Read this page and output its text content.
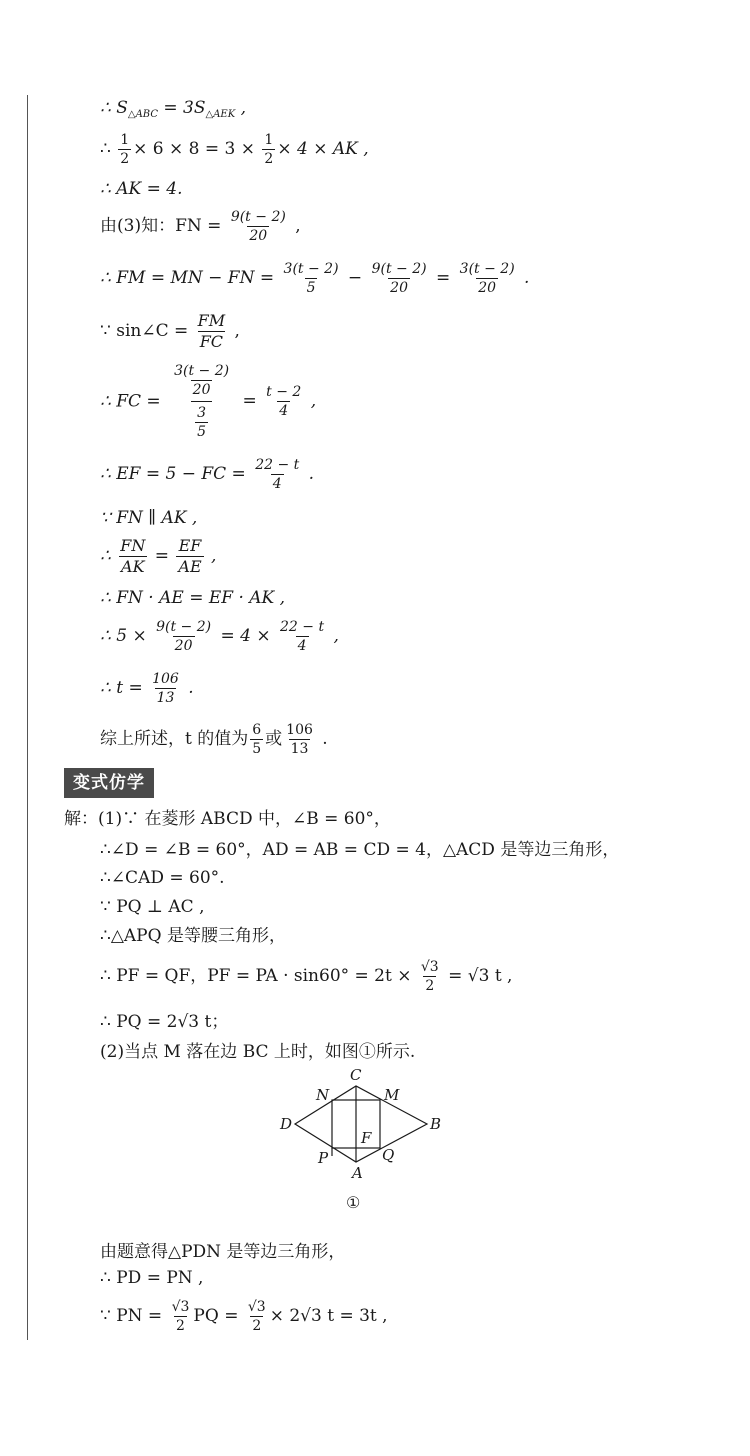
∴ $S_{\triangle ABC} = 3S_{\triangle AEK}$ ,
∴ $\frac{1}{2} \times 6 \times 8 = 3 \times \frac{1}{2} \times 4$ × AK ,
∴ AK = 4.
由(3)知：FN = $\frac{9(t - 2)}{20}$ ,
∴ FM = MN − FN = $\frac{3(t - 2)}{5} - \frac{9(t - 2)}{20} = \frac{3(t - 2)}{20}$ .
∵ sin∠C = $\frac{FM}{FC}$ ,
∴ FC = $\frac{\frac{3(t - 2)}{20}}{\frac{3}{5}} = \frac{t - 2}{4}$ ,
∴ EF = 5 − FC = $\frac{22 - t}{4}$ .
∵ FN ∥ AK ,
∴ $\frac{FN}{AK} = \frac{EF}{AE}$ ,
∴ FN · AE = EF · AK ,
∴ $5 \times \frac{9(t - 2)}{20} = 4 \times \frac{22 - t}{4}$ ,
∴ $t = \frac{106}{13}$ .
综上所述，t 的值为 $\frac{6}{5}$ 或 $\frac{106}{13}$ .
变式仿学
解：(1)∵ 在菱形 ABCD 中，∠B = 60°，
∴∠D = ∠B = 60°，AD = AB = CD = 4，△ACD 是等边三角形，
∴∠CAD = 60°.
∵ PQ ⊥ AC ,
∴△APQ 是等腰三角形，
∴ PF = QF，PF = PA · $\sin 60^\circ = 2t \times \frac{√3}{2} = √3$ t ,
∴ PQ = 2√3 t；
(2)当点 M 落在边 BC 上时，如图①所示.
C
M
N
D	B
F
P	Q
A
①
由题意得△PDN 是等边三角形，
∴ PD = PN ,
∵ PN = $\frac{√3}{2}$ PQ = $\frac{√3}{2} \times 2√3$ t = 3t ,
